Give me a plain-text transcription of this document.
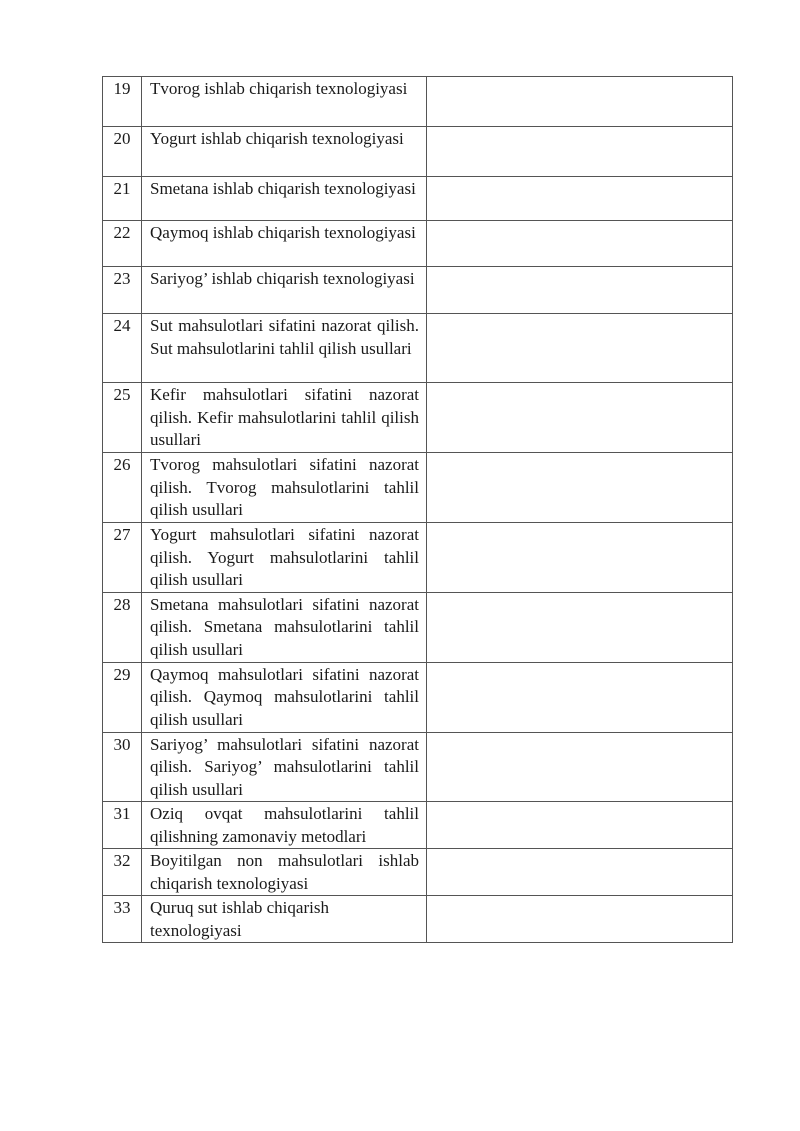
19	Tvorog ishlab chiqarish texnologiyasi	
20	Yogurt ishlab chiqarish texnologiyasi	
21	Smetana ishlab chiqarish texnologiyasi	
22	Qaymoq ishlab chiqarish texnologiyasi	
23	Sariyog’ ishlab chiqarish texnologiyasi	
24	Sut mahsulotlari sifatini nazorat qilish. Sut mahsulotlarini tahlil qilish usullari	
25	Kefir mahsulotlari sifatini nazorat qilish. Kefir mahsulotlarini tahlil qilish usullari	
26	Tvorog mahsulotlari sifatini nazorat qilish. Tvorog mahsulotlarini tahlil qilish usullari	
27	Yogurt mahsulotlari sifatini nazorat qilish. Yogurt mahsulotlarini tahlil qilish usullari	
28	Smetana mahsulotlari sifatini nazorat qilish. Smetana mahsulotlarini tahlil qilish usullari	
29	Qaymoq mahsulotlari sifatini nazorat qilish. Qaymoq mahsulotlarini tahlil qilish usullari	
30	Sariyog’ mahsulotlari sifatini nazorat qilish. Sariyog’ mahsulotlarini tahlil qilish usullari	
31	Oziq ovqat mahsulotlarini tahlil qilishning zamonaviy metodlari	
32	Boyitilgan non mahsulotlari ishlab chiqarish texnologiyasi	
33	Quruq sut ishlab chiqarish texnologiyasi	
